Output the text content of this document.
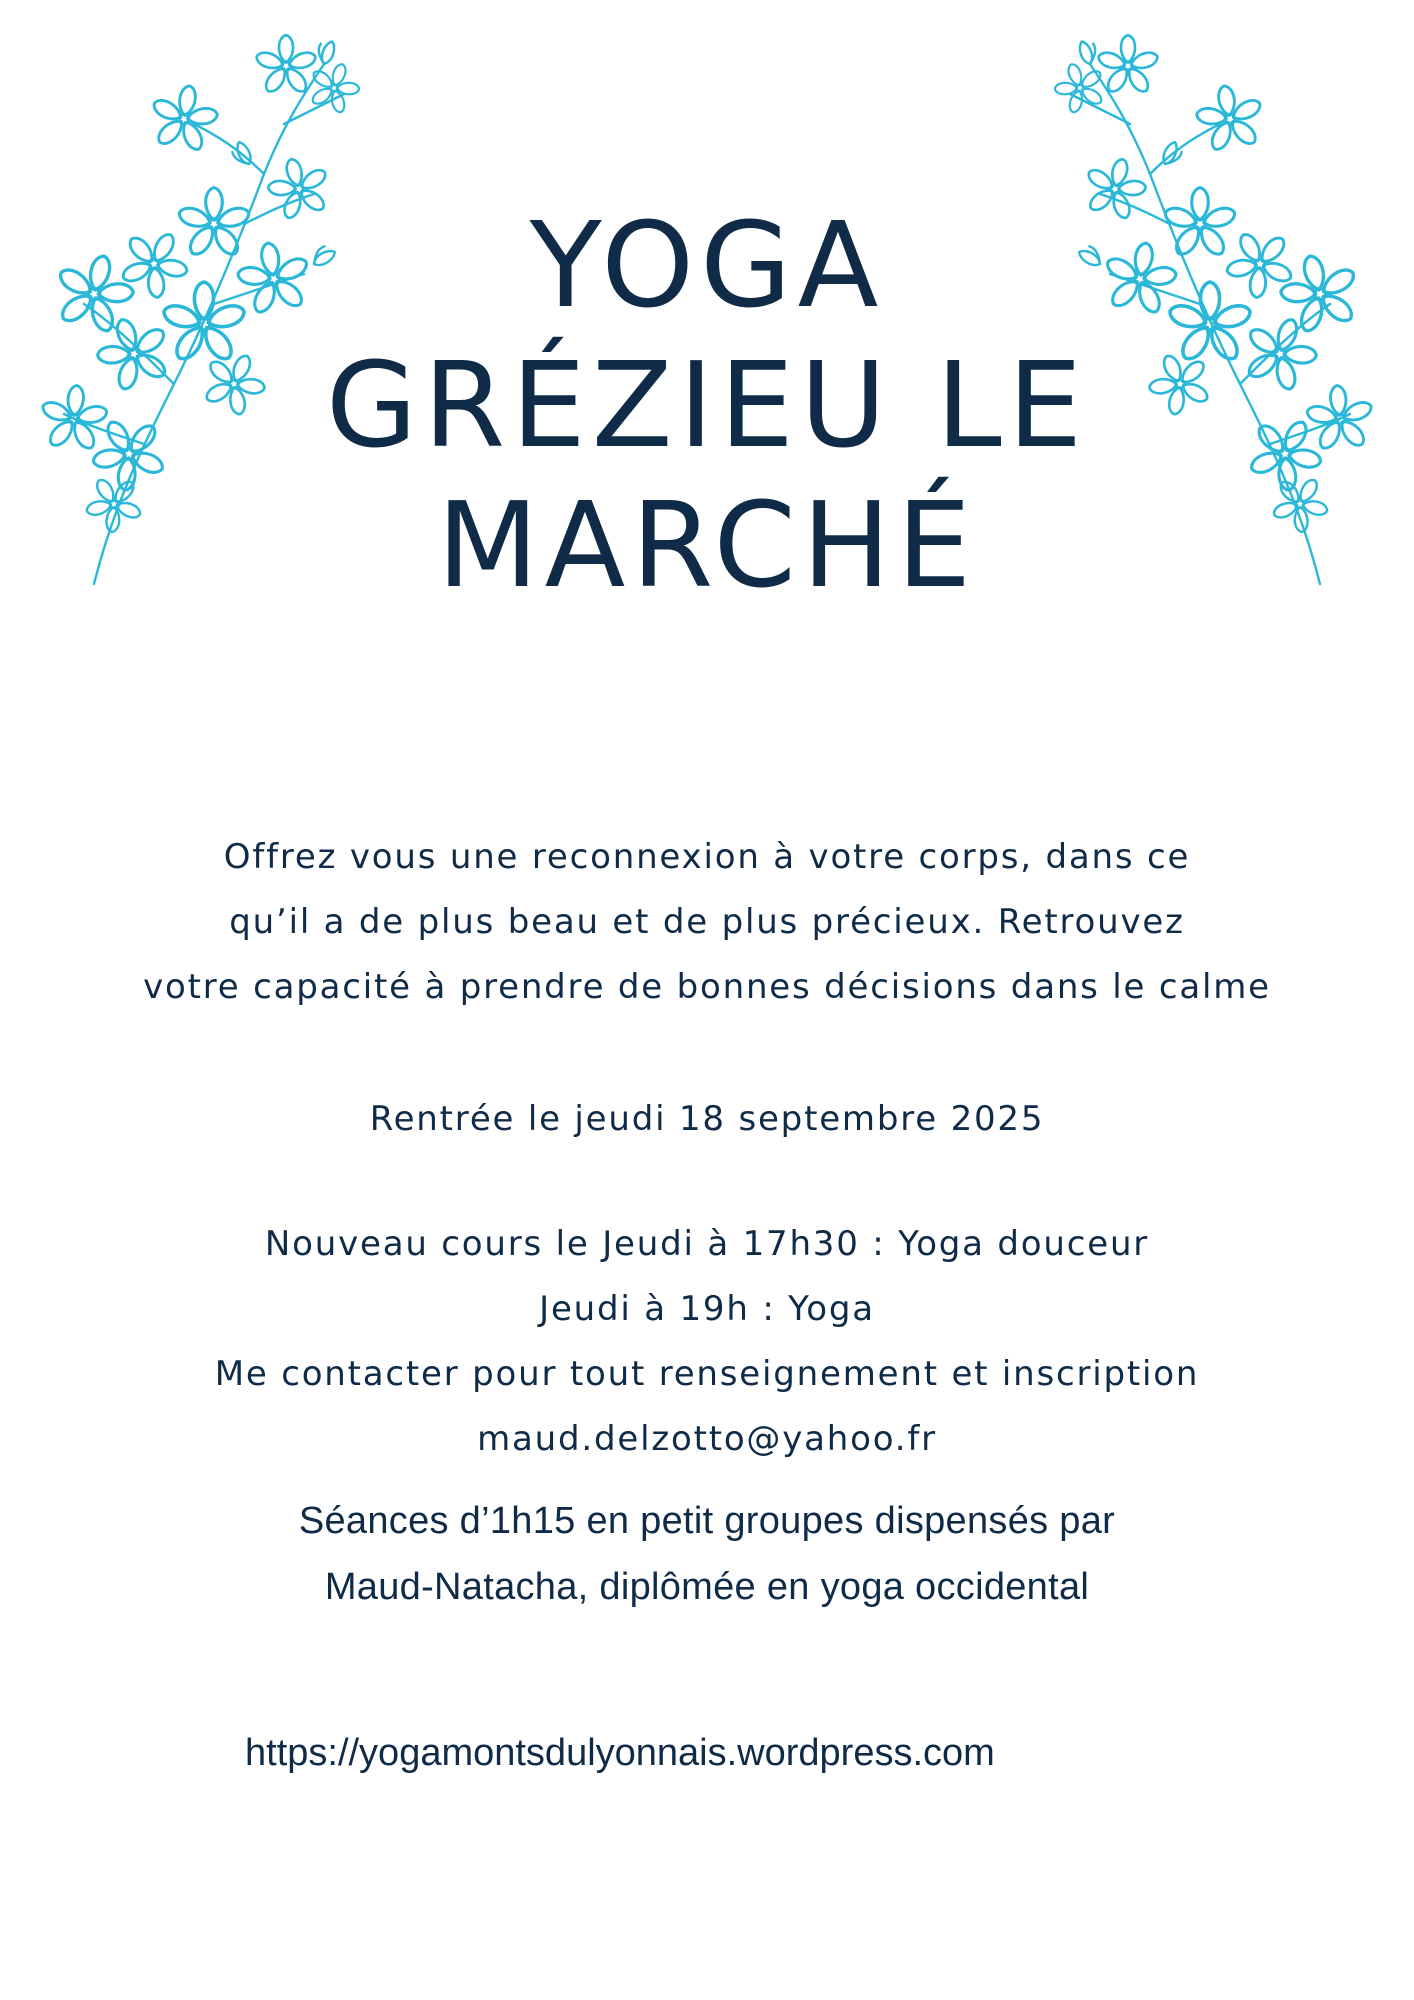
YOGA
GRÉZIEU LE
MARCHÉ
Offrez vous une reconnexion à votre corps, dans ce
qu’il a de plus beau et de plus précieux. Retrouvez
votre capacité à prendre de bonnes décisions dans le calme
Rentrée le jeudi 18 septembre 2025
Nouveau cours le Jeudi à 17h30 : Yoga douceur
Jeudi à 19h : Yoga
Me contacter pour tout renseignement et inscription
maud.delzotto@yahoo.fr
Séances d’1h15 en petit groupes dispensés par
Maud-Natacha, diplômée en yoga occidental
https://yogamontsdulyonnais.wordpress.com
